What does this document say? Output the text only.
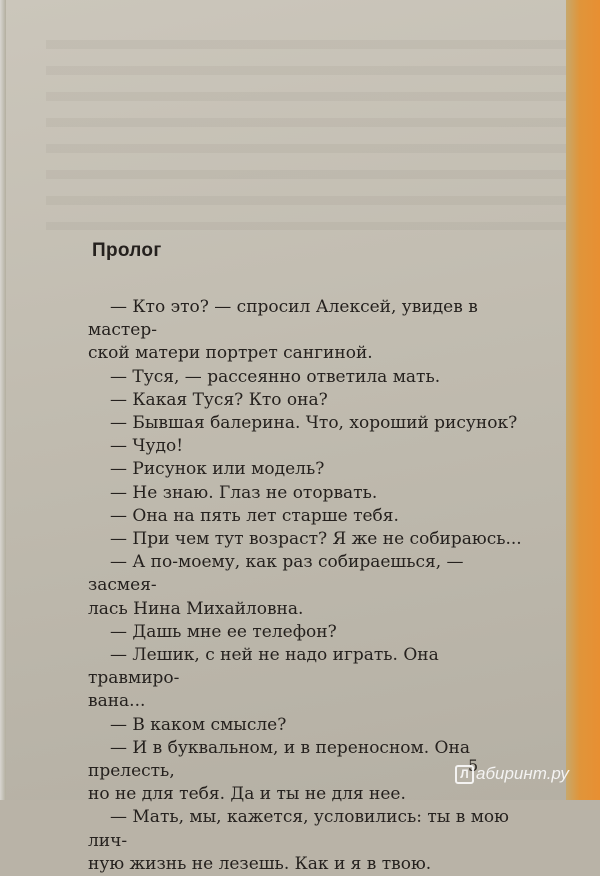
Пролог

— Кто это? — спросил Алексей, увидев в мастер-

ской матери портрет сангиной.

— Туся, — рассеянно ответила мать.

— Какая Туся? Кто она?

— Бывшая балерина. Что, хороший рисунок?

— Чудо!

— Рисунок или модель?

— Не знаю. Глаз не оторвать.

— Она на пять лет старше тебя.

— При чем тут возраст? Я же не собираюсь...

— А по-моему, как раз собираешься, — засмея-

лась Нина Михайловна.

— Дашь мне ее телефон?

— Лешик, с ней не надо играть. Она травмиро-

вана...

— В каком смысле?

— И в буквальном, и в переносном. Она прелесть,

но не для тебя. Да и ты не для нее.

— Мать, мы, кажется, условились: ты в мою лич-

ную жизнь не лезешь. Как и я в твою.

5
Л абиринт.ру
